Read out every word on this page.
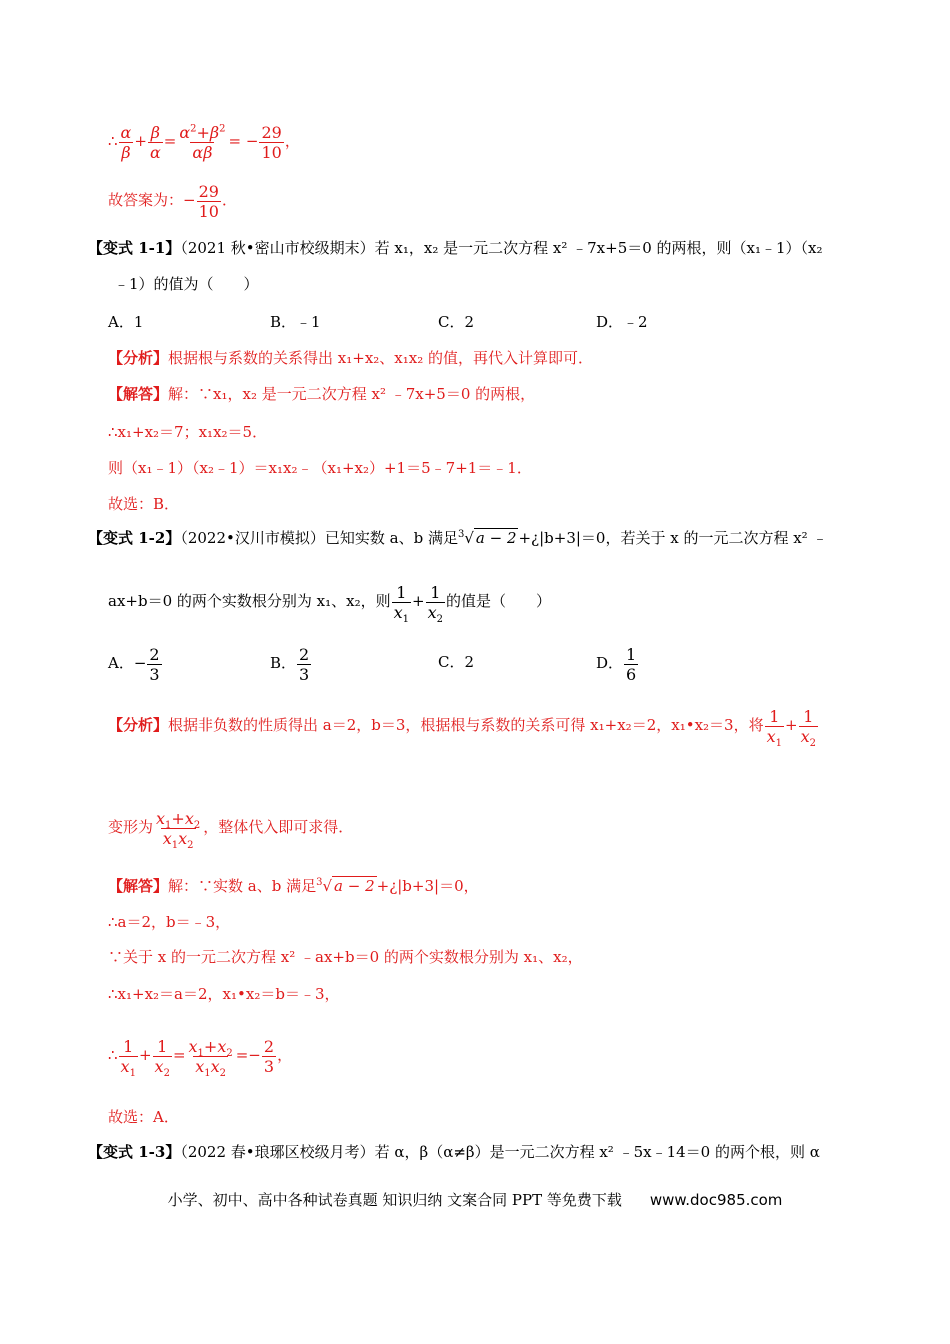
∴ $\frac{\alpha}{\beta} + \frac{\beta}{\alpha} = \frac{\alpha^2+\beta^2}{\alpha\beta}$ = − $\frac{29}{10}$ ，
故答案为：− $\frac{29}{10}$ ．
【变式 1-1】（2021 秋•密山市校级期末）若 x₁，x₂ 是一元二次方程 x² ﹣7x+5＝0 的两根，则（x₁﹣1）（x₂
﹣1）的值为（　　）
A．1	B．﹣1	C．2	D．﹣2
【分析】根据根与系数的关系得出 x₁+x₂、x₁x₂ 的值，再代入计算即可．
【解答】解：∵x₁，x₂ 是一元二次方程 x² ﹣7x+5＝0 的两根，
∴x₁+x₂＝7；x₁x₂＝5．
则（x₁﹣1）（x₂﹣1）＝x₁x₂﹣（x₁+x₂）+1＝5﹣7+1＝﹣1．
故选：B．
【变式 1-2】（2022•汉川市模拟）已知实数 a、b 满足$^3$√ a − 2 +¿|b+3|＝0，若关于 x 的一元二次方程 x² ﹣
ax+b＝0 的两个实数根分别为 x₁、x₂，则 $\frac{1}{x_1} + \frac{1}{x_2}$ 的值是（　　）
A．− $\frac{2}{3}$	B． $\frac{2}{3}$	C．2	D． $\frac{1}{6}$
【分析】根据非负数的性质得出 a＝2，b＝3，根据根与系数的关系可得 x₁+x₂＝2，x₁•x₂＝3，将 $\frac{1}{x_1} + \frac{1}{x_2}$
变形为 $\frac{x_1+x_2}{x_1x_2}$ ，整体代入即可求得．
【解答】解：∵实数 a、b 满足$^3$√ a − 2 +¿|b+3|＝0，
∴a＝2，b＝﹣3，
∵关于 x 的一元二次方程 x² ﹣ax+b＝0 的两个实数根分别为 x₁、x₂，
∴x₁+x₂＝a＝2，x₁•x₂＝b＝﹣3，
∴ $\frac{1}{x_1} + \frac{1}{x_2} = \frac{x_1+x_2}{x_1x_2} =- \frac{2}{3}$ ，
故选：A．
【变式 1-3】（2022 春•琅琊区校级月考）若 α，β（α≠β）是一元二次方程 x² ﹣5x﹣14＝0 的两个根，则 α
小学、初中、高中各种试卷真题 知识归纳 文案合同 PPT 等免费下载 www.doc985.com
